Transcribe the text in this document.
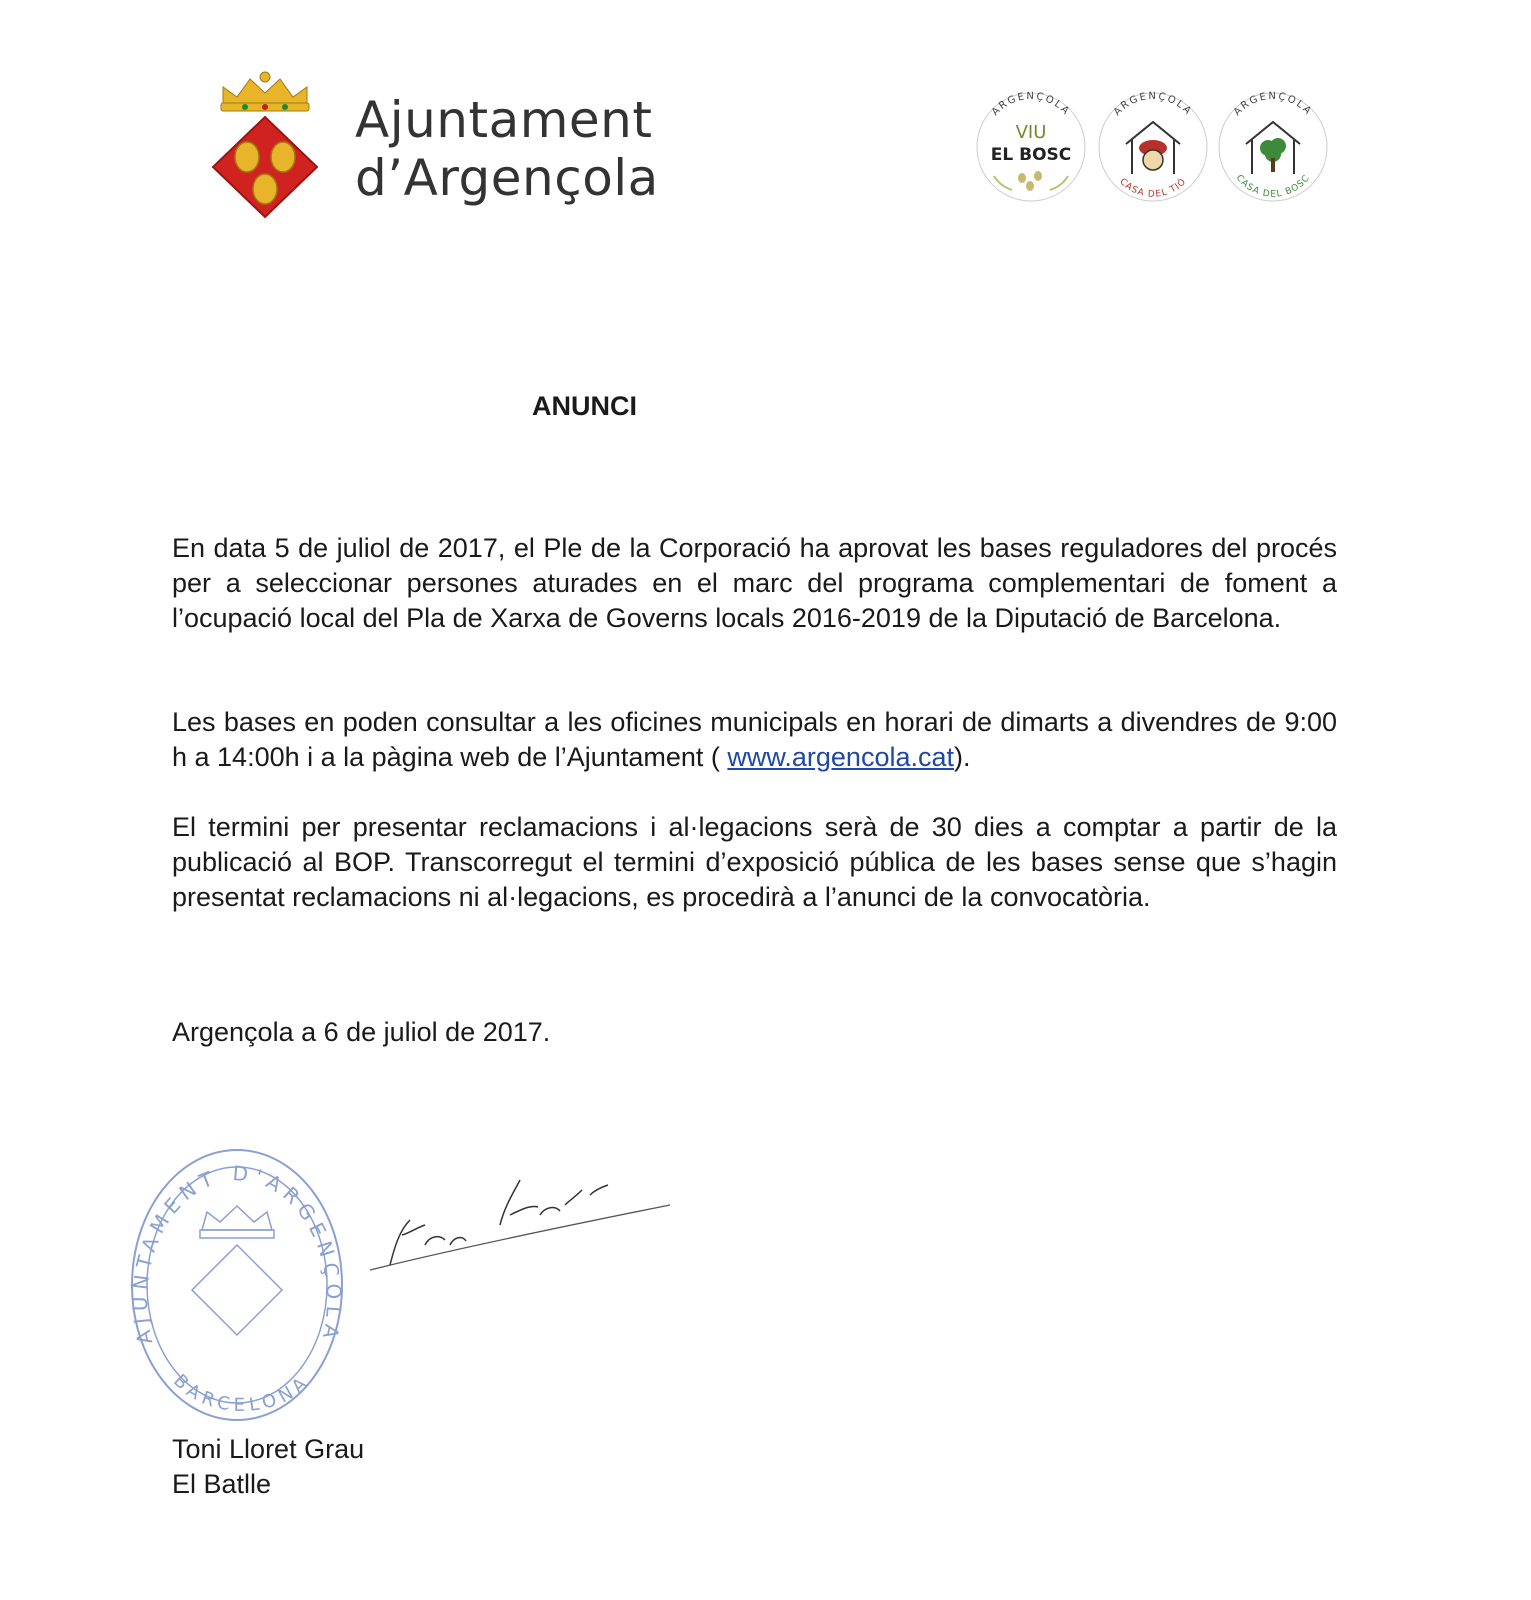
Ajuntament
d’Argençola
ARGENÇOLA
VIU
EL BOSC
ARGENÇOLA
CASA DEL TIÓ
ARGENÇOLA
CASA DEL BOSC
ANUNCI

En data 5 de juliol de 2017, el Ple de la Corporació ha aprovat les bases reguladores del procés per a seleccionar persones aturades en el marc del programa complementari de foment a l’ocupació local del Pla de Xarxa de Governs locals 2016-2019 de la Diputació de Barcelona.

Les bases en poden consultar a les oficines municipals en horari de dimarts a divendres de 9:00 h a 14:00h i a la pàgina web de l’Ajuntament ( www.argencola.cat).

El termini per presentar reclamacions i al·legacions serà de 30 dies a comptar a partir de la publicació al BOP. Transcorregut el termini d’exposició pública de les bases sense que s’hagin presentat reclamacions ni al·legacions, es procedirà a l’anunci de la convocatòria.

Argençola a 6 de juliol de 2017.
AJUNTAMENT D'ARGENÇOLA
BARCELONA
Toni Lloret Grau
El Batlle
